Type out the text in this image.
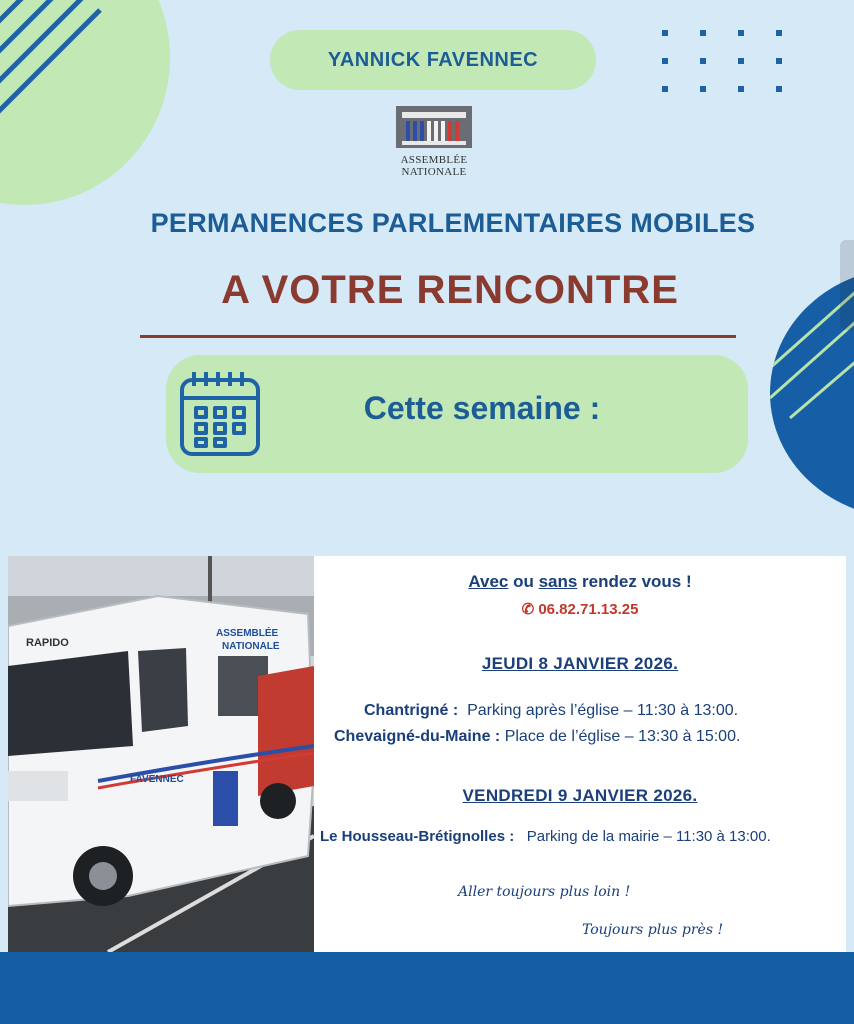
YANNICK FAVENNEC
ASSEMBLÉE
NATIONALE
PERMANENCES PARLEMENTAIRES MOBILES
A VOTRE RENCONTRE
Cette semaine :
RAPIDO
ASSEMBLÉE
NATIONALE
FAVENNEC
Avec ou sans rendez vous !
✆ 06.82.71.13.25
JEUDI 8 JANVIER 2026.
Chantrigné : Parking après l’église – 11:30 à 13:00.
Chevaigné-du-Maine : Place de l’église – 13:30 à 15:00.
VENDREDI 9 JANVIER 2026.
Le Housseau-Brétignolles : Parking de la mairie – 11:30 à 13:00.
Aller toujours plus loin !
Toujours plus près !
